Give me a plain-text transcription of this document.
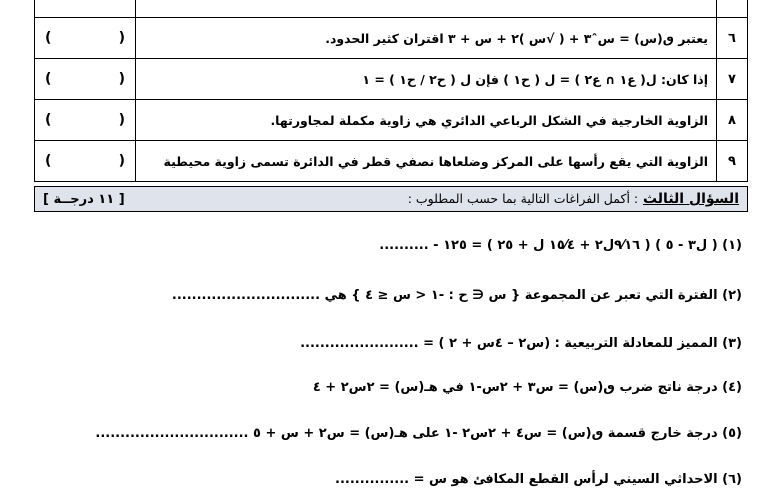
٦	يعتبر ٯ(س) = سˆ٣ + ( √س )٢ + س + ٣ اقتران كثير الحدود.	( )

٧	إذا كان: ل( ع١ ∩ ع٢ ) = ل ( ح١ ) فإن ل ( ح٢ / ح١ ) = ١	( )

٨	الزاوية الخارجية في الشكل الرباعي الدائري هي زاوية مكملة لمجاورتها.	( )

٩	الزاوية التي يقع رأسها على المركز وضلعاها نصفي قطر في الدائرة تسمى زاوية محيطية	( )
السؤال الثالث : أكمل الفراغات التالية بما حسب المطلوب :
[ ١١ درجــة ]
(١) ( ل٣ - ٥ ) ( ٩⁄١٦ل٢ + ١٥⁄٤ ل + ٢٥ ) = ١٢٥ - ..........
(٢) الفترة التي تعبر عن المجموعة { س ∈ ح : -١ < س ≤ ٤ } هي ..............................
(٣) المميز للمعادلة التربيعية : (س٢ – ٤س + ٢ ) = ........................
(٤) درجة ناتج ضرب ٯ(س) = س٣ + ٢س-١ في هـ(س) = ٢س٢ + ٤
(٥) درجة خارج قسمة ٯ(س) = س٤ + ٢س٢ -١ على هـ(س) = س٢ + س + ٥ ...............................
(٦) الاحداثي السيني لرأس القطع المكافئ هو س = ...............
